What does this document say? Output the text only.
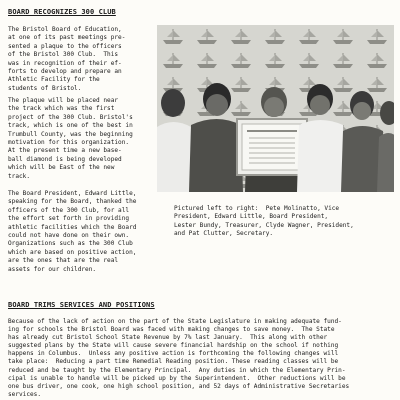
BOARD RECOGNIZES 300 CLUB
The Bristol Board of Education,
at one of its past meetings pre-
sented a plaque to the officers
of the Bristol 300 Club.  This
was in recognition of their ef-
forts to develop and prepare an
Athletic Facility for the
students of Bristol.
The plaque will be placed near
the track which was the first
project of the 300 Club. Bristol's
track, which is one of the best in
Trumbull County, was the beginning
motivation for this organization.
At the present time a new base-
ball diamond is being developed
which will be East of the new
track.
The Board President, Edward Little,
speaking for the Board, thanked the
officers of the 300 Club, for all
the effort set forth in providing
athletic facilities which the Board
could not have done on their own.
Organizations such as the 300 Club
which are based on positive action,
are the ones that are the real
assets for our children.
Pictured left to right:  Pete Molinatto, Vice
President, Edward Little, Board President,
Lester Bundy, Treasurer, Clyde Wagner, President,
and Pat Clutter, Secretary.
BOARD TRIMS SERVICES AND POSITIONS
Because of the lack of action on the part of the State Legislature in making adequate fund-
ing for schools the Bristol Board was faced with making changes to save money.  The State
has already cut Bristol School State Revenue by 7% last January.  This along with other
suggested plans by the State will cause severe financial hardship on the school if nothing
happens in Columbus.  Unless any positive action is forthcoming the following changes will
take place:  Reducing a part time Remedial Reading position. These reading classes will be
reduced and be taught by the Elementary Principal.  Any duties in which the Elementary Prin-
cipal is unable to handle will be picked up by the Superintendent.  Other reductions will be
one bus driver, one cook, one high school position, and 52 days of Administrative Secretaries
services.
